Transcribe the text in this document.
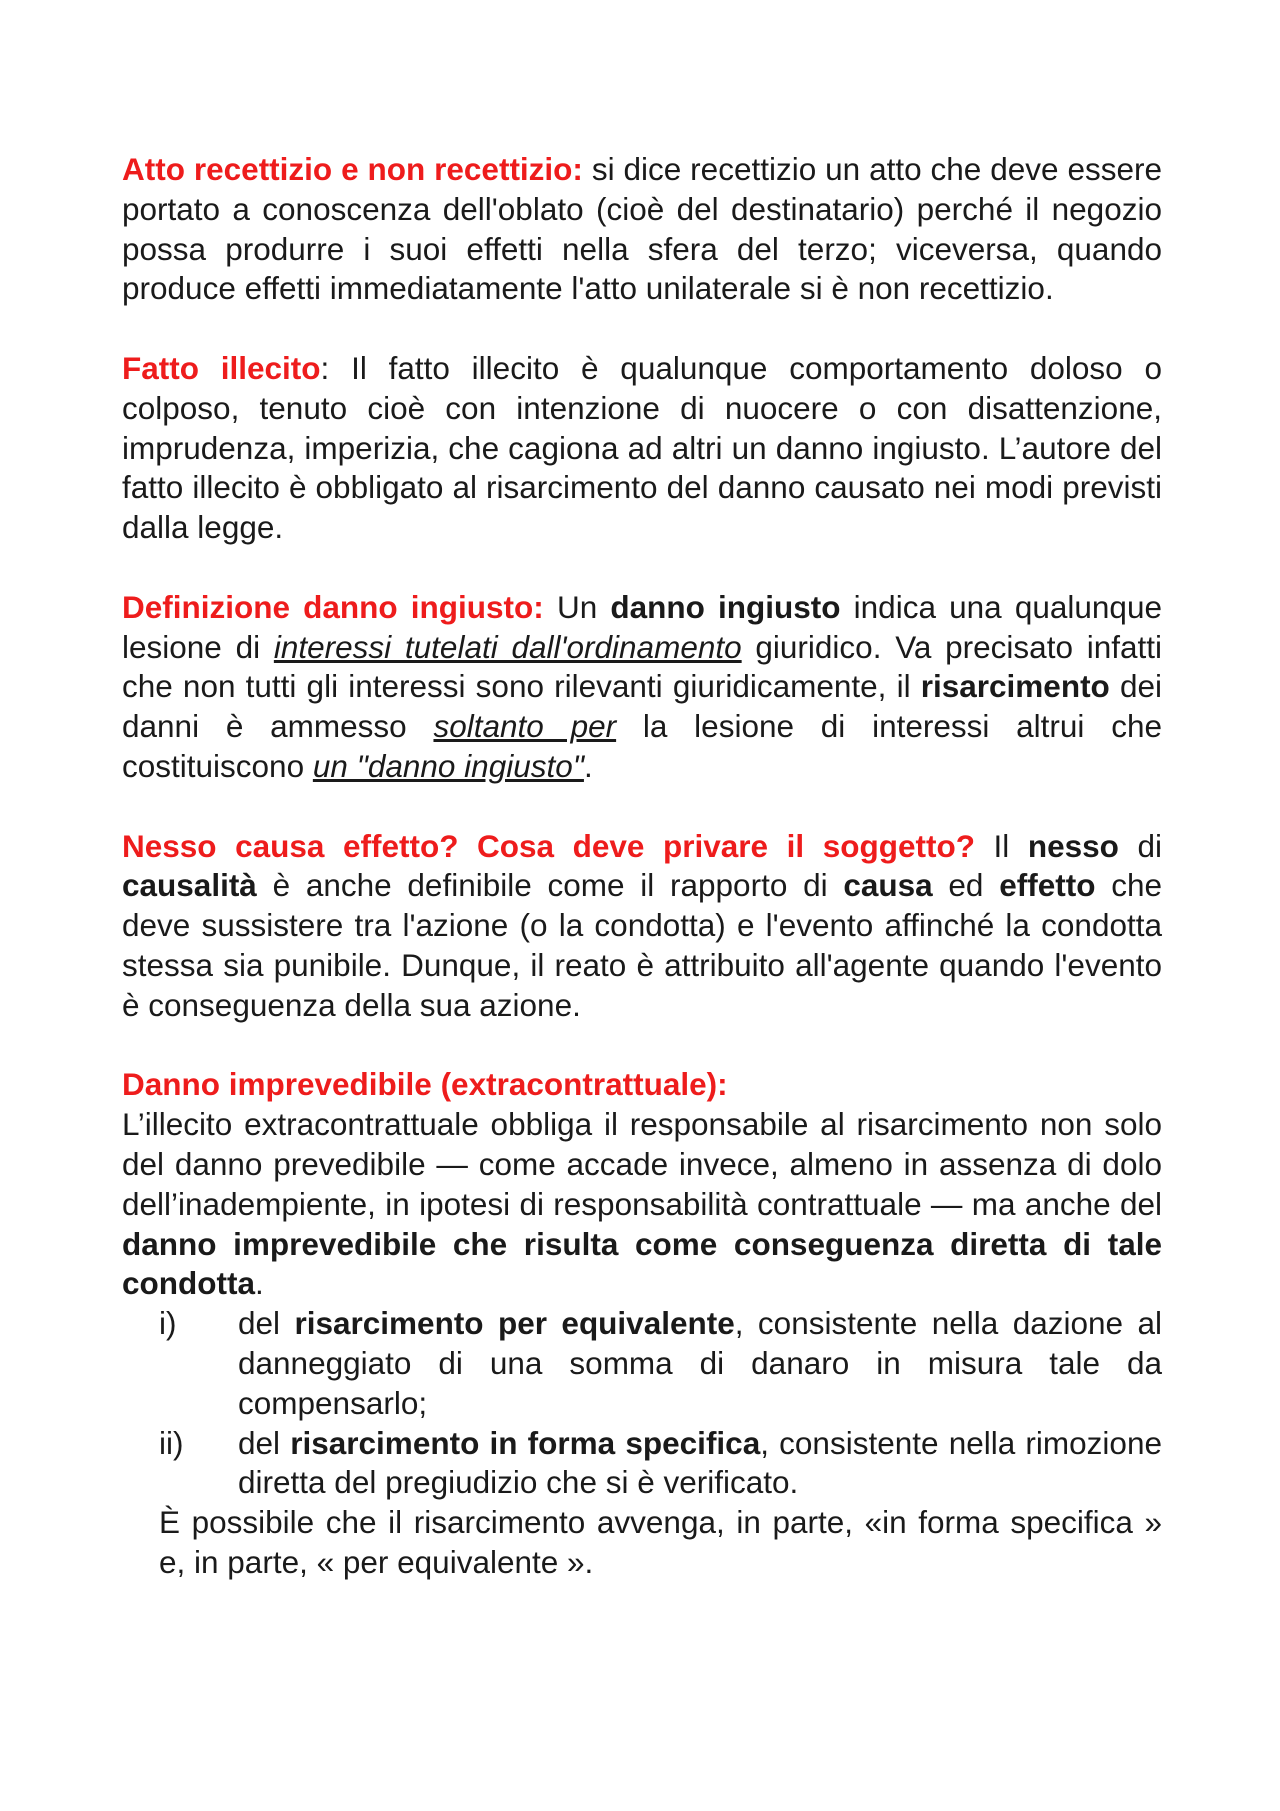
Atto recettizio e non recettizio: si dice recettizio un atto che deve essere portato a conoscenza dell'oblato (cioè del destinatario) perché il negozio possa produrre i suoi effetti nella sfera del terzo; viceversa, quando produce effetti immediatamente l'atto unilaterale si è non recettizio.

Fatto illecito: Il fatto illecito è qualunque comportamento doloso o colposo, tenuto cioè con intenzione di nuocere o con disattenzione, imprudenza, imperizia, che cagiona ad altri un danno ingiusto. L’autore del fatto illecito è obbligato al risarcimento del danno causato nei modi previsti dalla legge.

Definizione danno ingiusto: Un danno ingiusto indica una qualunque lesione di interessi tutelati dall'ordinamento giuridico. Va precisato infatti che non tutti gli interessi sono rilevanti giuridicamente, il risarcimento dei danni è ammesso soltanto per la lesione di interessi altrui che costituiscono un "danno ingiusto".

Nesso causa effetto? Cosa deve privare il soggetto? Il nesso di causalità è anche definibile come il rapporto di causa ed effetto che deve sussistere tra l'azione (o la condotta) e l'evento affinché la condotta stessa sia punibile. Dunque, il reato è attribuito all'agente quando l'evento è conseguenza della sua azione.

Danno imprevedibile (extracontrattuale):

L’illecito extracontrattuale obbliga il responsabile al risarcimento non solo del danno prevedibile — come accade invece, almeno in assenza di dolo dell’inadempiente, in ipotesi di responsabilità contrattuale — ma anche del danno imprevedibile che risulta come conseguenza diretta di tale condotta.

i)	del risarcimento per equivalente, consistente nella dazione al danneggiato di una somma di danaro in misura tale da compensarlo;
ii)	del risarcimento in forma specifica, consistente nella rimozione diretta del pregiudizio che si è verificato.

È possibile che il risarcimento avvenga, in parte, «in forma specifica » e, in parte, « per equivalente ».
